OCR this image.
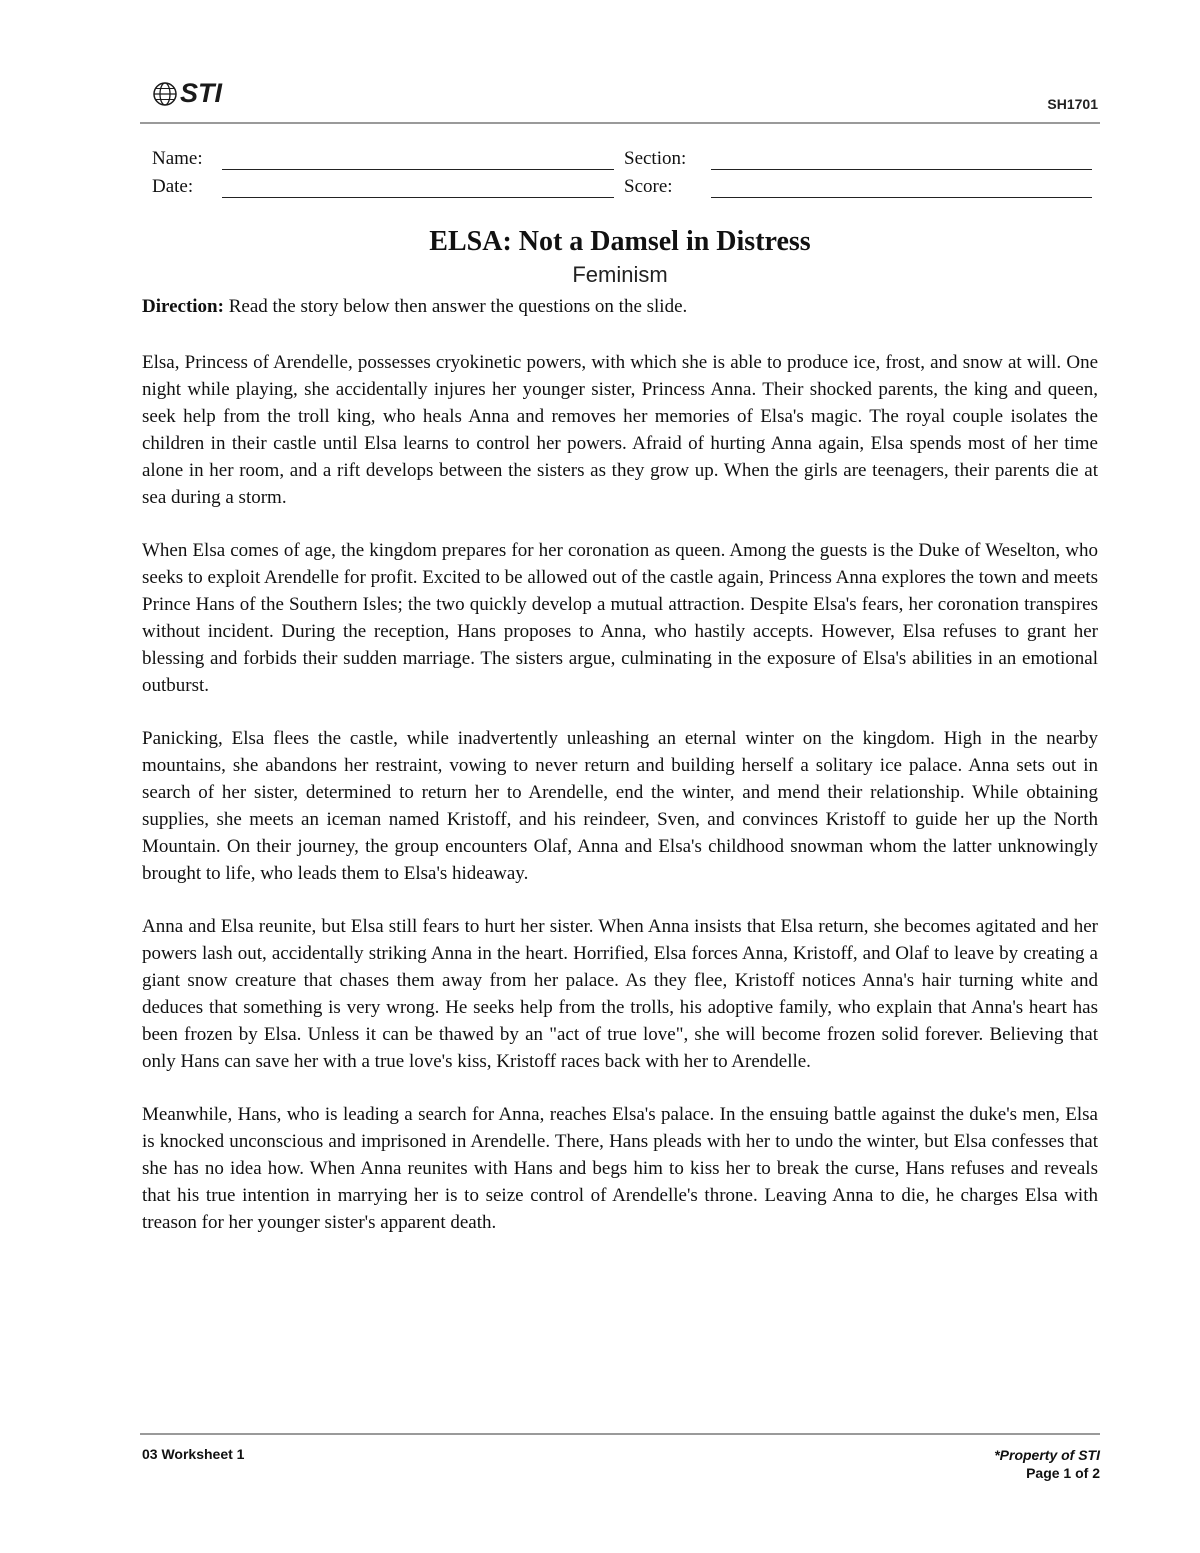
STI	SH1701
Name:	Section:
Date:	Score:
ELSA: Not a Damsel in Distress
Feminism
Direction: Read the story below then answer the questions on the slide.

Elsa, Princess of Arendelle, possesses cryokinetic powers, with which she is able to produce ice, frost, and snow at will. One night while playing, she accidentally injures her younger sister, Princess Anna. Their shocked parents, the king and queen, seek help from the troll king, who heals Anna and removes her memories of Elsa's magic. The royal couple isolates the children in their castle until Elsa learns to control her powers. Afraid of hurting Anna again, Elsa spends most of her time alone in her room, and a rift develops between the sisters as they grow up. When the girls are teenagers, their parents die at sea during a storm.

When Elsa comes of age, the kingdom prepares for her coronation as queen. Among the guests is the Duke of Weselton, who seeks to exploit Arendelle for profit. Excited to be allowed out of the castle again, Princess Anna explores the town and meets Prince Hans of the Southern Isles; the two quickly develop a mutual attraction. Despite Elsa's fears, her coronation transpires without incident. During the reception, Hans proposes to Anna, who hastily accepts. However, Elsa refuses to grant her blessing and forbids their sudden marriage. The sisters argue, culminating in the exposure of Elsa's abilities in an emotional outburst.

Panicking, Elsa flees the castle, while inadvertently unleashing an eternal winter on the kingdom. High in the nearby mountains, she abandons her restraint, vowing to never return and building herself a solitary ice palace. Anna sets out in search of her sister, determined to return her to Arendelle, end the winter, and mend their relationship. While obtaining supplies, she meets an iceman named Kristoff, and his reindeer, Sven, and convinces Kristoff to guide her up the North Mountain. On their journey, the group encounters Olaf, Anna and Elsa's childhood snowman whom the latter unknowingly brought to life, who leads them to Elsa's hideaway.

Anna and Elsa reunite, but Elsa still fears to hurt her sister. When Anna insists that Elsa return, she becomes agitated and her powers lash out, accidentally striking Anna in the heart. Horrified, Elsa forces Anna, Kristoff, and Olaf to leave by creating a giant snow creature that chases them away from her palace. As they flee, Kristoff notices Anna's hair turning white and deduces that something is very wrong. He seeks help from the trolls, his adoptive family, who explain that Anna's heart has been frozen by Elsa. Unless it can be thawed by an "act of true love", she will become frozen solid forever. Believing that only Hans can save her with a true love's kiss, Kristoff races back with her to Arendelle.

Meanwhile, Hans, who is leading a search for Anna, reaches Elsa's palace. In the ensuing battle against the duke's men, Elsa is knocked unconscious and imprisoned in Arendelle. There, Hans pleads with her to undo the winter, but Elsa confesses that she has no idea how. When Anna reunites with Hans and begs him to kiss her to break the curse, Hans refuses and reveals that his true intention in marrying her is to seize control of Arendelle's throne. Leaving Anna to die, he charges Elsa with treason for her younger sister's apparent death.

03 Worksheet 1	*Property of STI
Page 1 of 2
